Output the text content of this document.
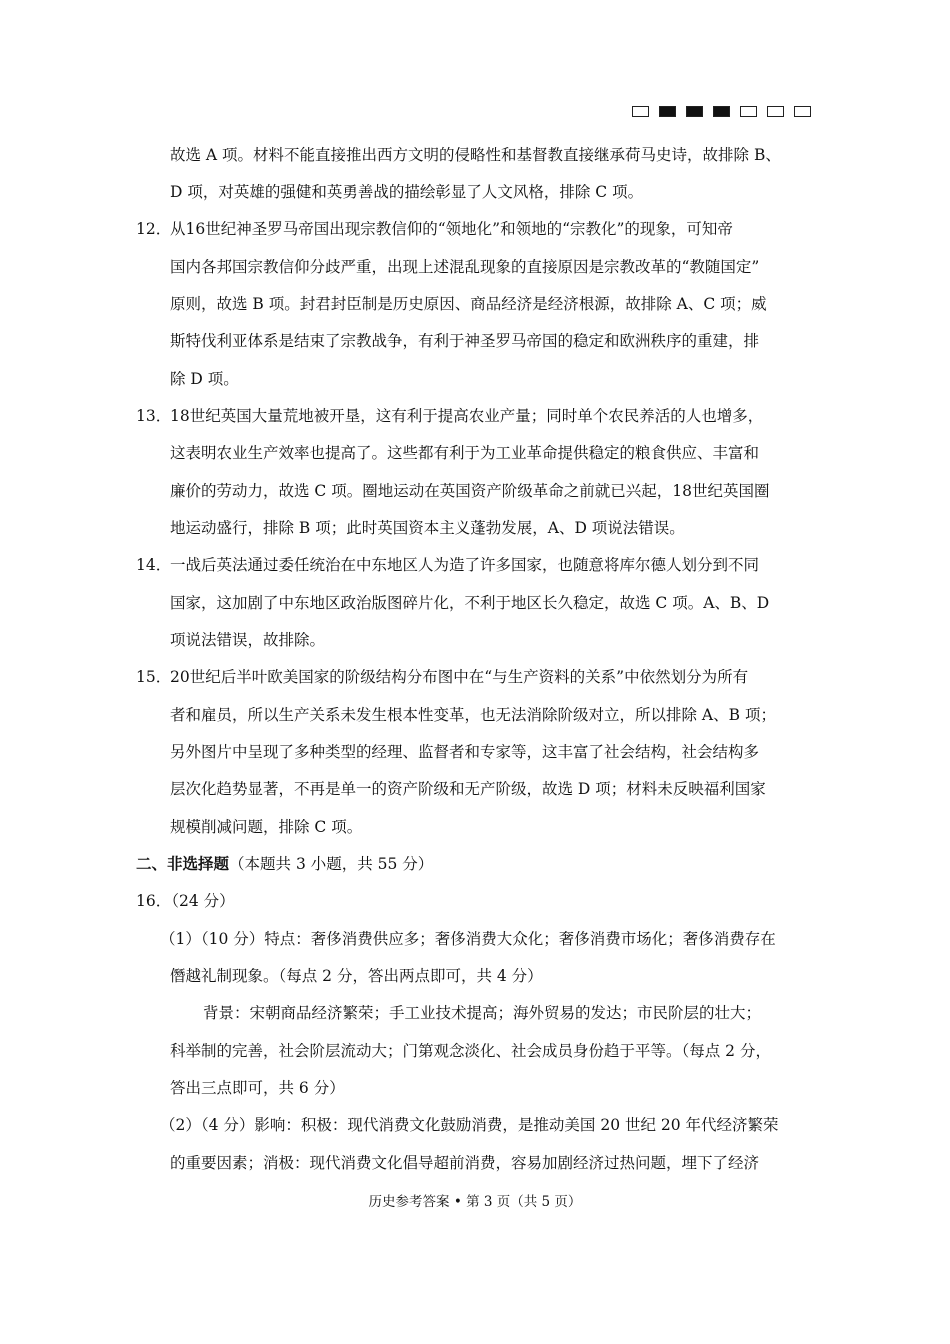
故选 A 项。材料不能直接推出西方文明的侵略性和基督教直接继承荷马史诗，故排除 B、
D 项，对英雄的强健和英勇善战的描绘彰显了人文风格，排除 C 项。
12．
从16世纪神圣罗马帝国出现宗教信仰的“领地化”和领地的“宗教化”的现象，可知帝
国内各邦国宗教信仰分歧严重，出现上述混乱现象的直接原因是宗教改革的“教随国定”
原则，故选 B 项。封君封臣制是历史原因、商品经济是经济根源，故排除 A、C 项；威
斯特伐利亚体系是结束了宗教战争，有利于神圣罗马帝国的稳定和欧洲秩序的重建，排
除 D 项。
13．
18世纪英国大量荒地被开垦，这有利于提高农业产量；同时单个农民养活的人也增多，
这表明农业生产效率也提高了。这些都有利于为工业革命提供稳定的粮食供应、丰富和
廉价的劳动力，故选 C 项。圈地运动在英国资产阶级革命之前就已兴起，18世纪英国圈
地运动盛行，排除 B 项；此时英国资本主义蓬勃发展，A、D 项说法错误。
14．
一战后英法通过委任统治在中东地区人为造了许多国家，也随意将库尔德人划分到不同
国家，这加剧了中东地区政治版图碎片化，不利于地区长久稳定，故选 C 项。A、B、D
项说法错误，故排除。
15．
20世纪后半叶欧美国家的阶级结构分布图中在“与生产资料的关系”中依然划分为所有
者和雇员，所以生产关系未发生根本性变革，也无法消除阶级对立，所以排除 A、B 项；
另外图片中呈现了多种类型的经理、监督者和专家等，这丰富了社会结构，社会结构多
层次化趋势显著，不再是单一的资产阶级和无产阶级，故选 D 项；材料未反映福利国家
规模削减问题，排除 C 项。
二、非选择题（本题共 3 小题，共 55 分）
16．（24 分）
（1）（10 分）特点：奢侈消费供应多；奢侈消费大众化；奢侈消费市场化；奢侈消费存在
僭越礼制现象。（每点 2 分，答出两点即可，共 4 分）
背景：宋朝商品经济繁荣；手工业技术提高；海外贸易的发达；市民阶层的壮大；
科举制的完善，社会阶层流动大；门第观念淡化、社会成员身份趋于平等。（每点 2 分，
答出三点即可，共 6 分）
（2）（4 分）影响：积极：现代消费文化鼓励消费，是推动美国 20 世纪 20 年代经济繁荣
的重要因素；消极：现代消费文化倡导超前消费，容易加剧经济过热问题，埋下了经济
历史参考答案 • 第 3 页（共 5 页）
